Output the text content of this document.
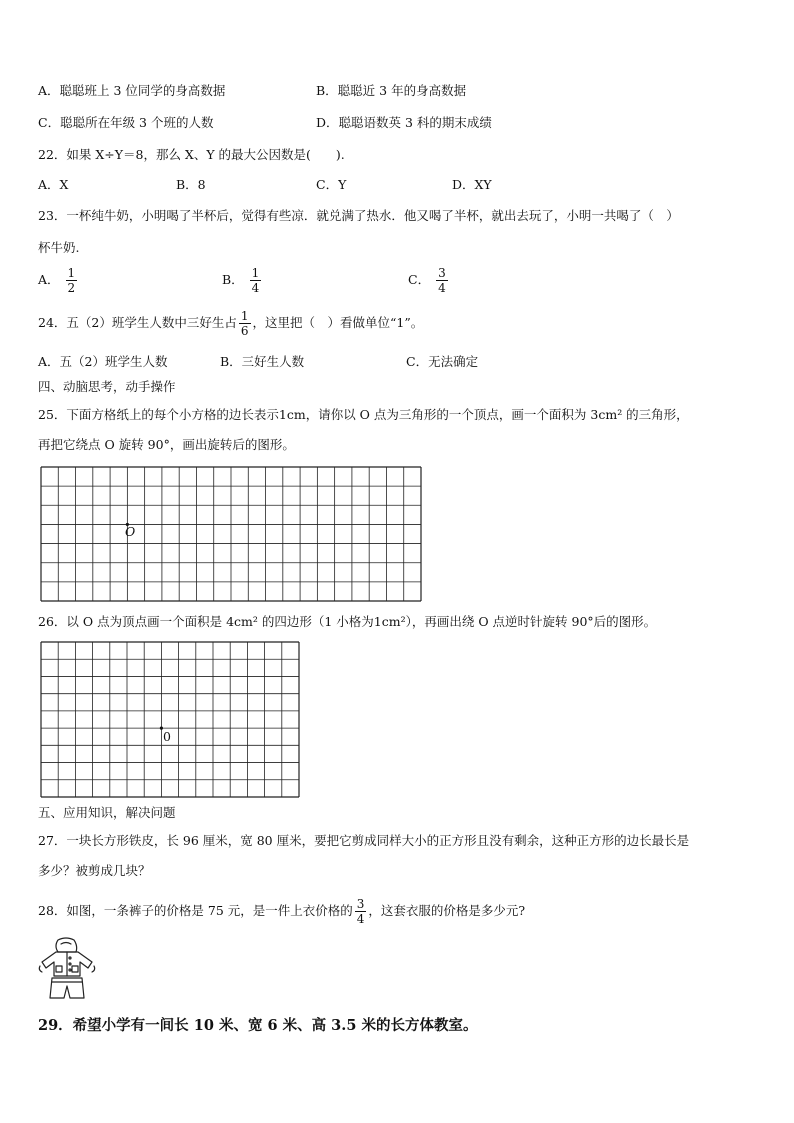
A．聪聪班上 3 位同学的身高数据	B．聪聪近 3 年的身高数据
C．聪聪所在年级 3 个班的人数	D．聪聪语数英 3 科的期末成绩
22．如果 X÷Y＝8，那么 X、Y 的最大公因数是(　　).
A．X	B．8	C．Y	D．XY
23．一杯纯牛奶，小明喝了半杯后，觉得有些凉．就兑满了热水．他又喝了半杯，就出去玩了，小明一共喝了（　）
杯牛奶.
A． $\frac{1}{2}$	B． $\frac{1}{4}$	C． $\frac{3}{4}$
24．五（2）班学生人数中三好生占 $\frac{1}{6}$ ，这里把（　）看做单位“1”。
A．五（2）班学生人数	B．三好生人数	C．无法确定
四、动脑思考，动手操作
25．下面方格纸上的每个小方格的边长表示1cm，请你以 O 点为三角形的一个顶点，画一个面积为 3cm² 的三角形，
再把它绕点 O 旋转 90°，画出旋转后的图形。
O
26．以 O 点为顶点画一个面积是 4cm² 的四边形（1 小格为1cm²），再画出绕 O 点逆时针旋转 90°后的图形。
0
五、应用知识，解决问题
27．一块长方形铁皮，长 96 厘米，宽 80 厘米，要把它剪成同样大小的正方形且没有剩余，这种正方形的边长最长是
多少？被剪成几块？
28．如图，一条裤子的价格是 75 元，是一件上衣价格的 $\frac{3}{4}$ ，这套衣服的价格是多少元?
29．希望小学有一间长 10 米、宽 6 米、高 3.5 米的长方体教室。
